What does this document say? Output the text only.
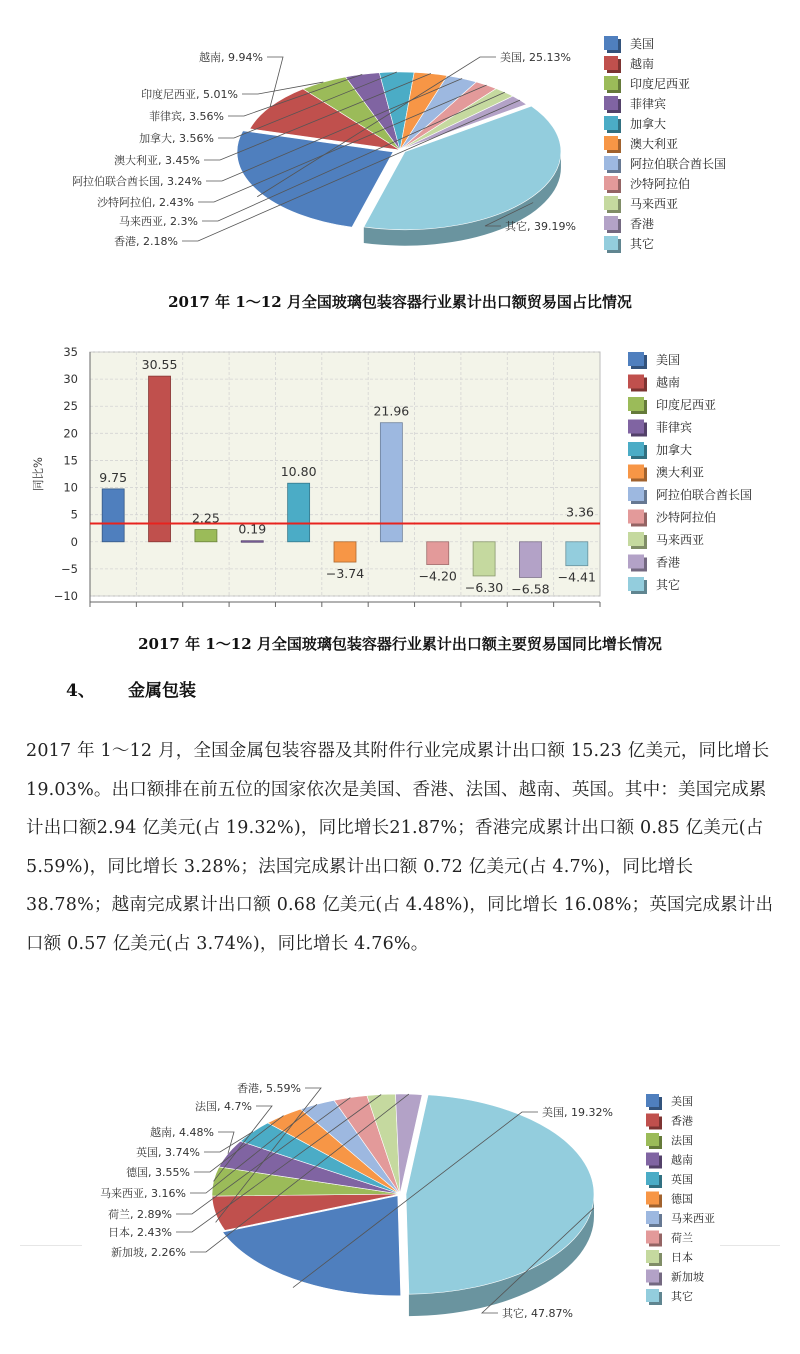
美国, 25.13%
越南, 9.94%
印度尼西亚, 5.01%
菲律宾, 3.56%
加拿大, 3.56%
澳大利亚, 3.45%
阿拉伯联合酋长国, 3.24%
沙特阿拉伯, 2.43%
马来西亚, 2.3%
香港, 2.18%
其它, 39.19%
美国
越南
印度尼西亚
菲律宾
加拿大
澳大利亚
阿拉伯联合酋长国
沙特阿拉伯
马来西亚
香港
其它
2017 年 1～12 月全国玻璃包装容器行业累计出口额贸易国占比情况
−10
−5
0
5
10
15
20
25
30
35
同比%	9.75
30.55
2.25
0.19
10.80
−3.74
21.96
−4.20
−6.30 −6.58
−4.41
3.36
美国
越南
印度尼西亚
菲律宾
加拿大
澳大利亚
阿拉伯联合酋长国
沙特阿拉伯
马来西亚
香港
其它
2017 年 1～12 月全国玻璃包装容器行业累计出口额主要贸易国同比增长情况
4、 金属包装

2017 年 1～12 月，全国金属包装容器及其附件行业完成累计出口额 15.23 亿美元，同比增长 19.03%。出口额排在前五位的国家依次是美国、香港、法国、越南、英国。其中：美国完成累计出口额2.94 亿美元(占 19.32%)，同比增长21.87%；香港完成累计出口额 0.85 亿美元(占 5.59%)，同比增长 3.28%；法国完成累计出口额 0.72 亿美元(占 4.7%)，同比增长 38.78%；越南完成累计出口额 0.68 亿美元(占 4.48%)，同比增长 16.08%；英国完成累计出口额 0.57 亿美元(占 3.74%)，同比增长 4.76%。

美国, 19.32%
香港, 5.59%
法国, 4.7%
越南, 4.48%
英国, 3.74%
德国, 3.55%
马来西亚, 3.16%
荷兰, 2.89%
日本, 2.43%
新加坡, 2.26%
其它, 47.87%
美国
香港
法国
越南
英国
德国
马来西亚
荷兰
日本
新加坡
其它
